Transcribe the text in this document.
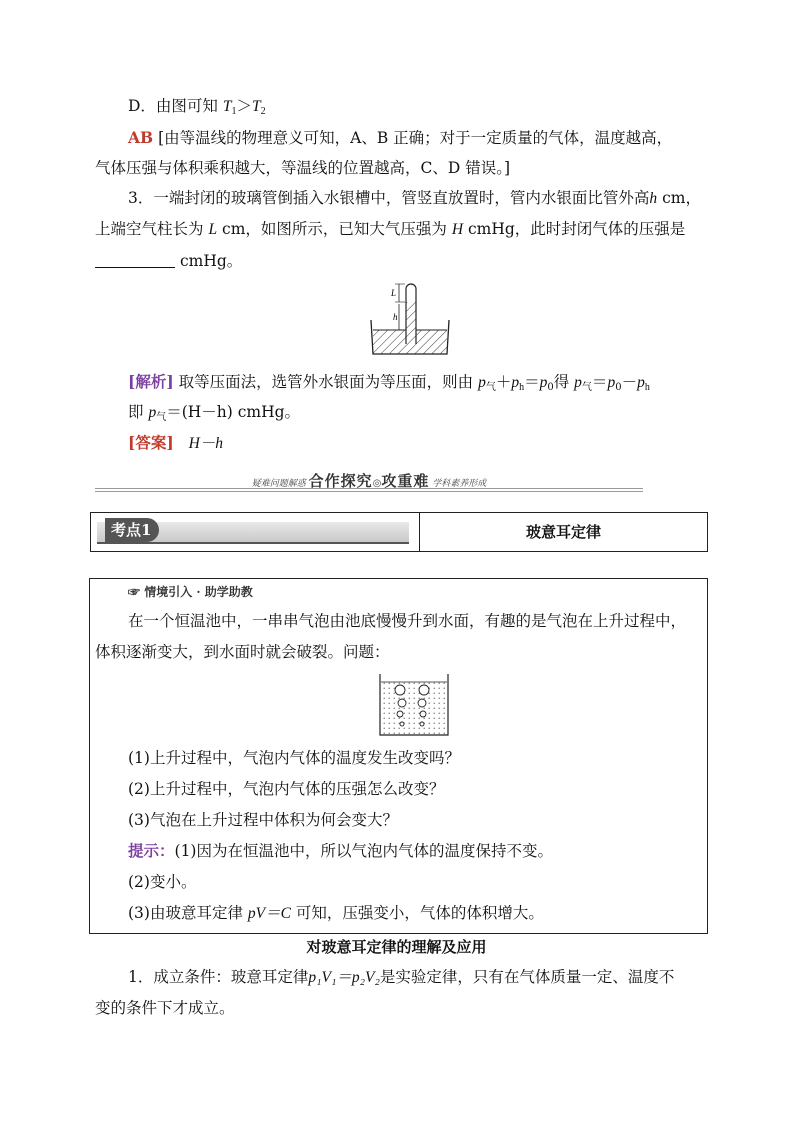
D．由图可知 $T_1>T_2$
AB [由等温线的物理意义可知，A、B 正确；对于一定质量的气体，温度越高，
气体压强与体积乘积越大，等温线的位置越高，C、D 错误。]
3．一端封闭的玻璃管倒插入水银槽中，管竖直放置时，管内水银面比管外高h cm，
上端空气柱长为 L cm，如图所示，已知大气压强为 H cmHg，此时封闭气体的压强是
cmHg。
L
h
[解析] 取等压面法，选管外水银面为等压面，则由 $p_气+p_h=p_0$得 $p_气=p_0-p_h$
即 $p_气=(H-h)$ cmHg。
[答案] H－h
疑难问题解惑 合作探究◎攻重难 学科素养形成
考点1	玻意耳定律
☞ 情境引入 · 助学助教
在一个恒温池中，一串串气泡由池底慢慢升到水面，有趣的是气泡在上升过程中，
体积逐渐变大，到水面时就会破裂。问题：
(1)上升过程中，气泡内气体的温度发生改变吗？
(2)上升过程中，气泡内气体的压强怎么改变？
(3)气泡在上升过程中体积为何会变大？
提示：(1)因为在恒温池中，所以气泡内气体的温度保持不变。
(2)变小。
(3)由玻意耳定律 pV＝C 可知，压强变小，气体的体积增大。
对玻意耳定律的理解及应用
1．成立条件：玻意耳定律p₁V₁＝p₂V₂是实验定律，只有在气体质量一定、温度不
变的条件下才成立。
